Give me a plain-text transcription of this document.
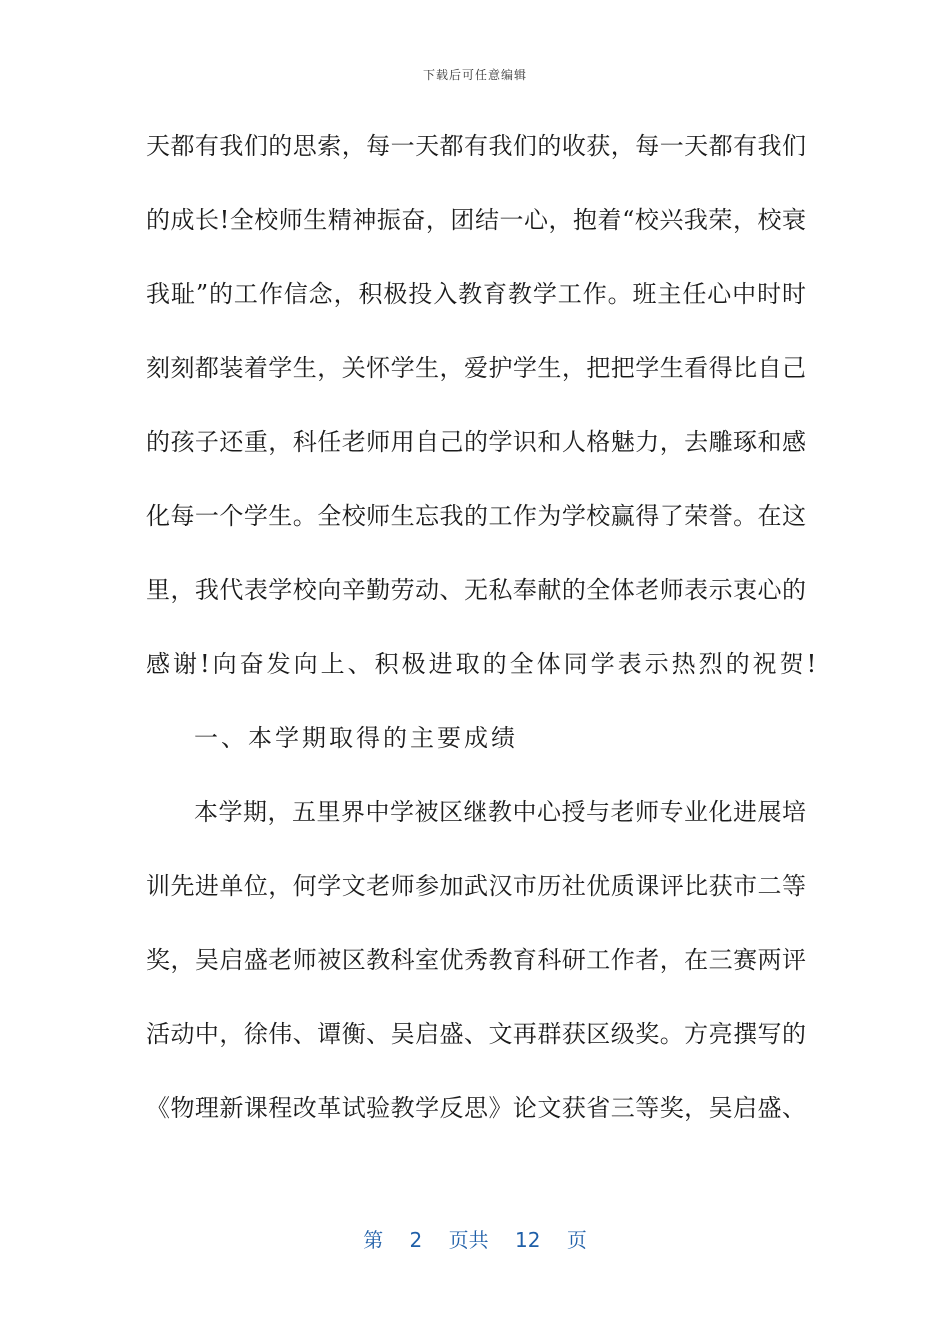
下载后可任意编辑
天都有我们的思索，每一天都有我们的收获，每一天都有我们
的成长!全校师生精神振奋，团结一心，抱着“校兴我荣，校衰
我耻”的工作信念，积极投入教育教学工作。班主任心中时时
刻刻都装着学生，关怀学生，爱护学生，把把学生看得比自己
的孩子还重，科任老师用自己的学识和人格魅力，去雕琢和感
化每一个学生。全校师生忘我的工作为学校赢得了荣誉。在这
里，我代表学校向辛勤劳动、无私奉献的全体老师表示衷心的
感谢!向奋发向上、积极进取的全体同学表示热烈的祝贺!
一、本学期取得的主要成绩
本学期，五里界中学被区继教中心授与老师专业化进展培
训先进单位，何学文老师参加武汉市历社优质课评比获市二等
奖，吴启盛老师被区教科室优秀教育科研工作者，在三赛两评
活动中，徐伟、谭衡、吴启盛、文再群获区级奖。方亮撰写的
《物理新课程改革试验教学反思》论文获省三等奖，吴启盛、
第 2 页共 12 页
